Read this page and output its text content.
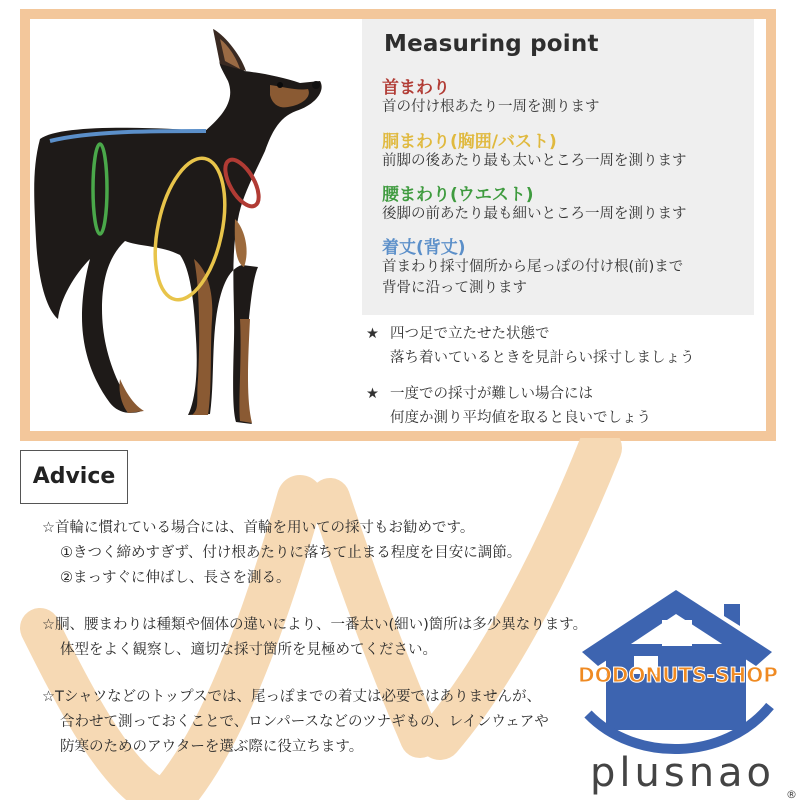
Measuring point
首まわり
首の付け根あたり一周を測ります
胴まわり(胸囲/バスト)
前脚の後あたり最も太いところ一周を測ります
腰まわり(ウエスト)
後脚の前あたり最も細いところ一周を測ります
着丈(背丈)
首まわり採寸個所から尾っぽの付け根(前)まで
背骨に沿って測ります
★ 四つ足で立たせた状態で
落ち着いているときを見計らい採寸しましょう
★ 一度での採寸が難しい場合には
何度か測り平均値を取ると良いでしょう
Advice
☆首輪に慣れている場合には、首輪を用いての採寸もお勧めです。
①きつく締めすぎず、付け根あたりに落ちて止まる程度を目安に調節。
②まっすぐに伸ばし、長さを測る。
☆胴、腰まわりは種類や個体の違いにより、一番太い(細い)箇所は多少異なります。
体型をよく観察し、適切な採寸箇所を見極めてください。
☆Tシャツなどのトップスでは、尾っぽまでの着丈は必要ではありませんが、
合わせて測っておくことで、ロンパースなどのツナギもの、レインウェアや
防寒のためのアウターを選ぶ際に役立ちます。
DODONUTS-SHOP
plusnao ®
